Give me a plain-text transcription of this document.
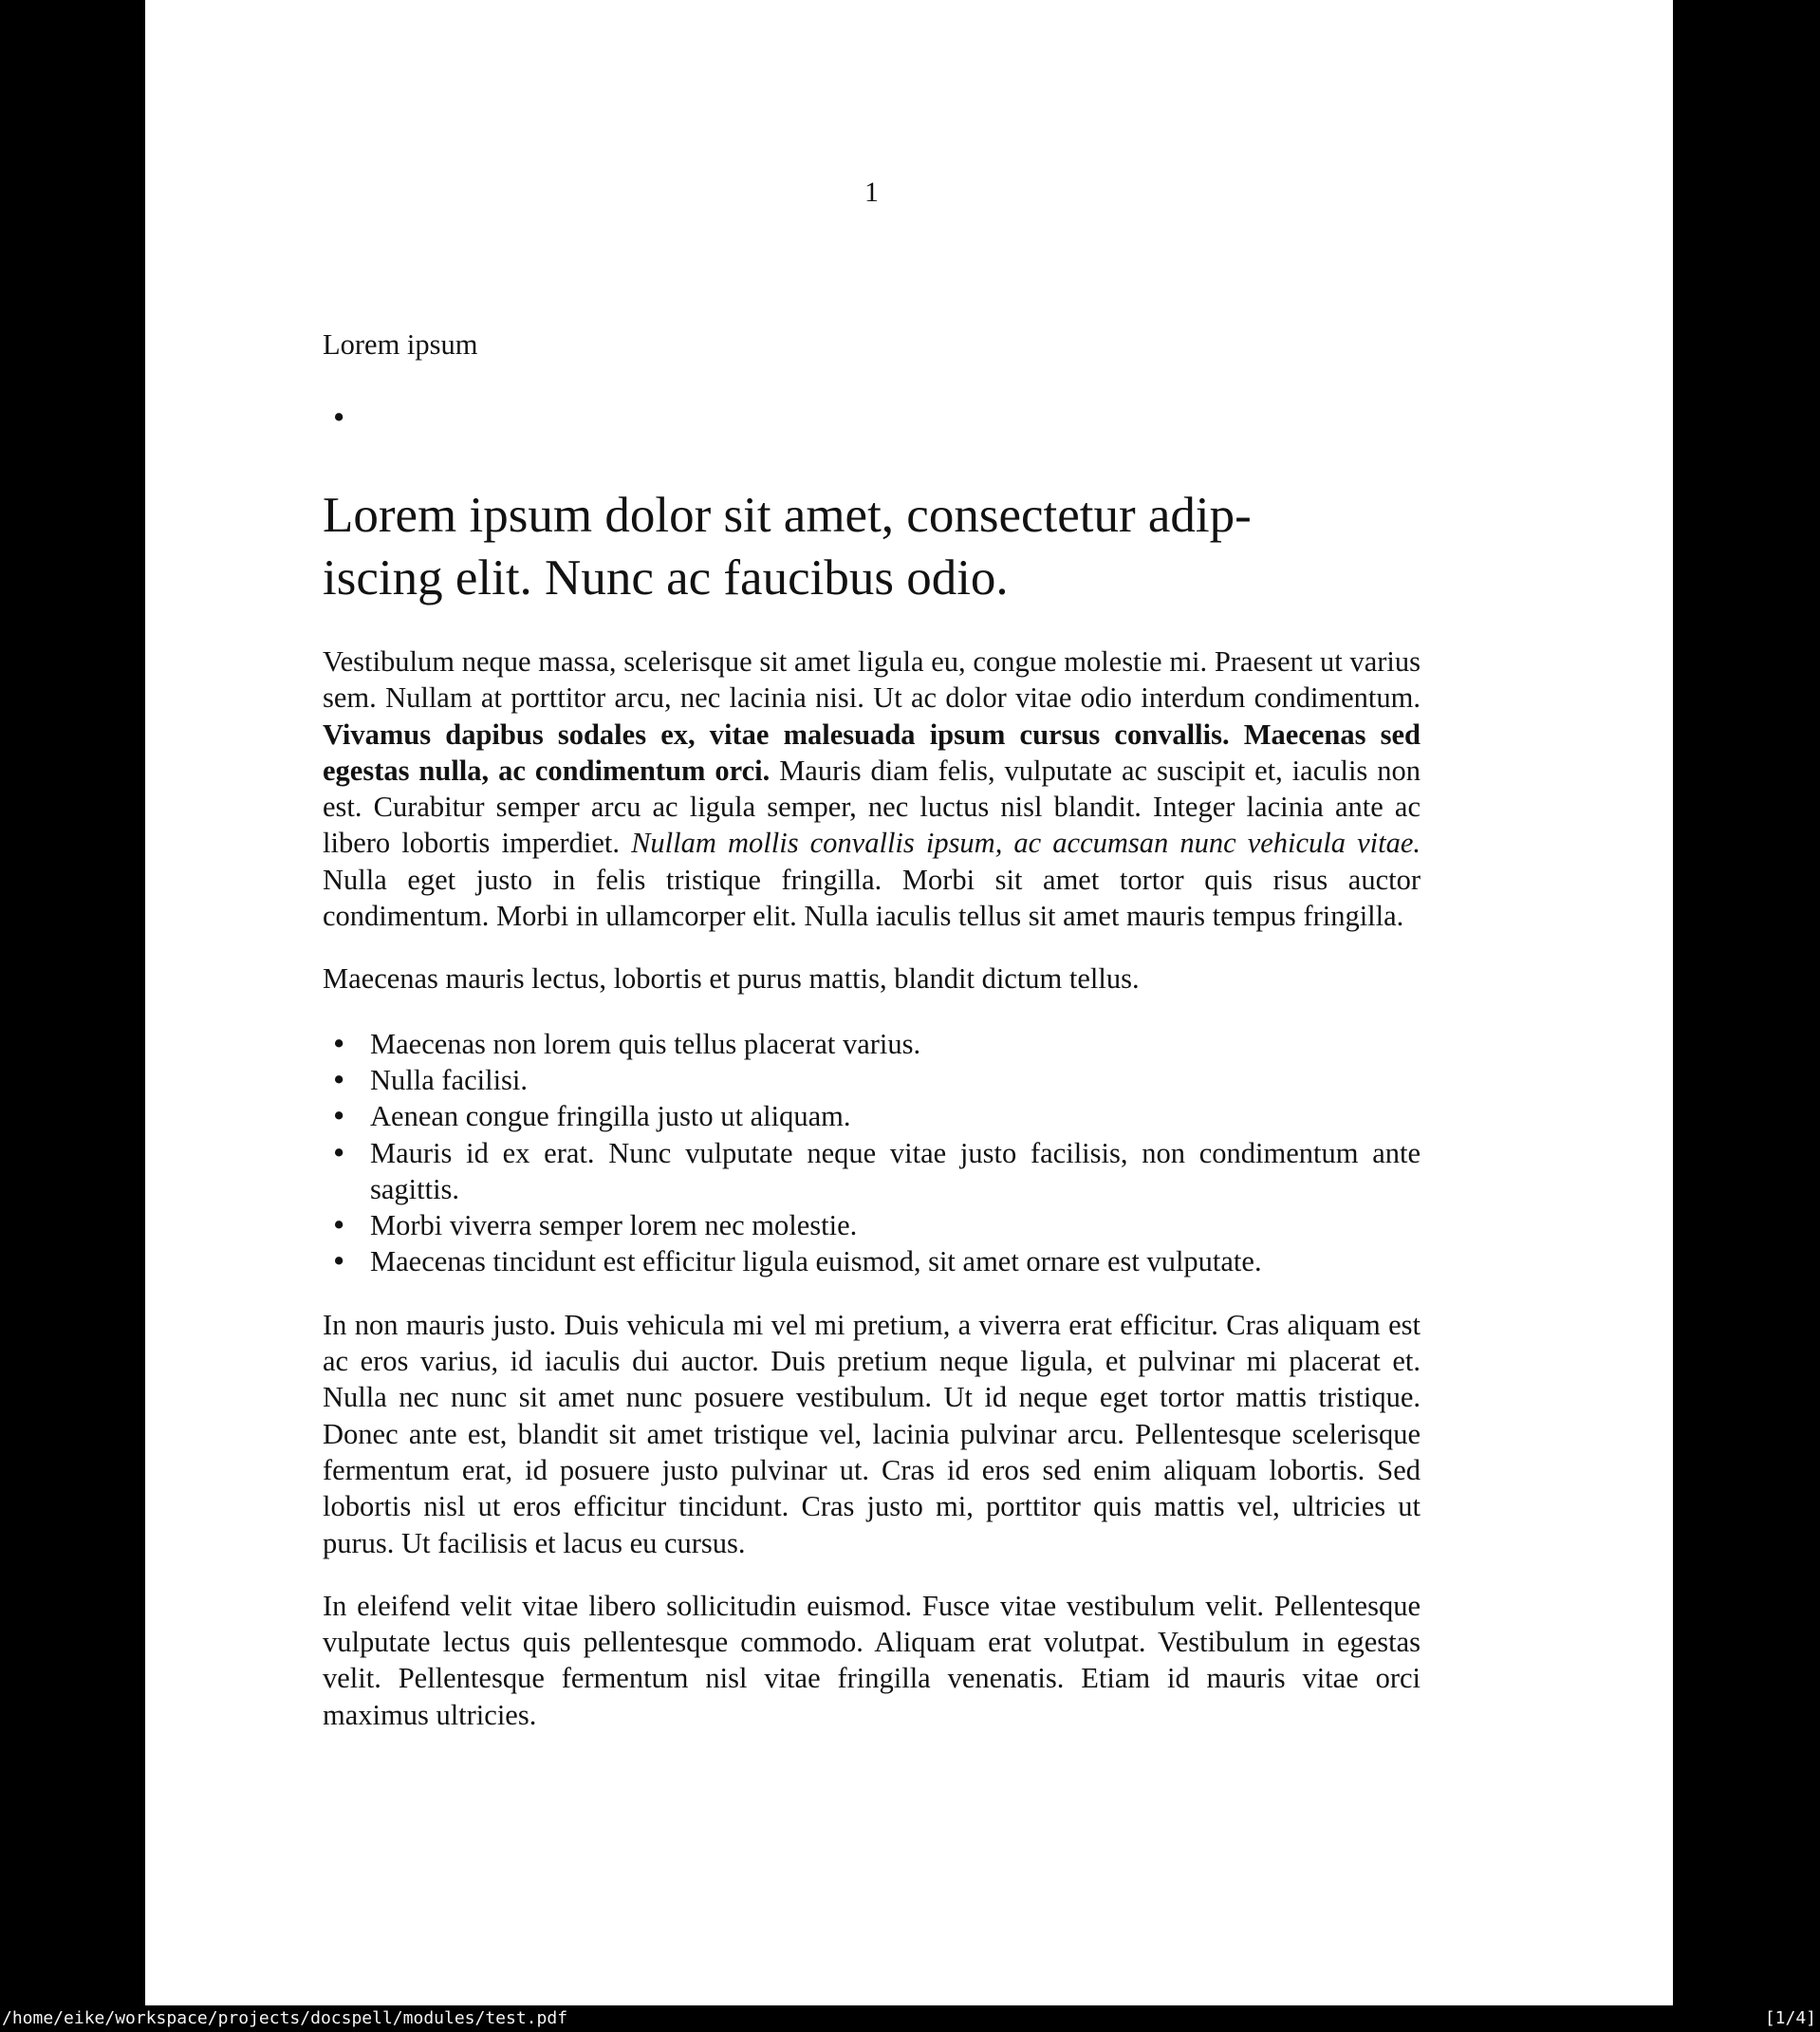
1
Lorem ipsum
•
Lorem ipsum dolor sit amet, consectetur adip-
iscing elit. Nunc ac faucibus odio.

Vestibulum neque massa, scelerisque sit amet ligula eu, congue molestie mi. Praesent ut varius sem. Nullam at porttitor arcu, nec lacinia nisi. Ut ac dolor vitae odio interdum condimentum. Vivamus dapibus sodales ex, vitae malesuada ipsum cursus convallis. Maecenas sed egestas nulla, ac condimentum orci. Mauris diam felis, vulputate ac suscipit et, iaculis non est. Curabitur semper arcu ac ligula semper, nec luctus nisl blandit. Integer lacinia ante ac libero lobortis imperdiet. Nullam mollis convallis ipsum, ac accumsan nunc vehicula vitae. Nulla eget justo in felis tristique fringilla. Morbi sit amet tortor quis risus auctor condimentum. Morbi in ullamcorper elit. Nulla iaculis tellus sit amet mauris tempus fringilla.

Maecenas mauris lectus, lobortis et purus mattis, blandit dictum tellus.

• Maecenas non lorem quis tellus placerat varius.
• Nulla facilisi.
• Aenean congue fringilla justo ut aliquam.
• Mauris id ex erat. Nunc vulputate neque vitae justo facilisis, non condimentum ante sagittis.
• Morbi viverra semper lorem nec molestie.
• Maecenas tincidunt est efficitur ligula euismod, sit amet ornare est vulputate.

In non mauris justo. Duis vehicula mi vel mi pretium, a viverra erat efficitur. Cras aliquam est ac eros varius, id iaculis dui auctor. Duis pretium neque ligula, et pulvinar mi placerat et. Nulla nec nunc sit amet nunc posuere vestibulum. Ut id neque eget tortor mattis tristique. Donec ante est, blandit sit amet tristique vel, lacinia pulvinar arcu. Pellentesque scelerisque fermentum erat, id posuere justo pulvinar ut. Cras id eros sed enim aliquam lobortis. Sed lobortis nisl ut eros efficitur tincidunt. Cras justo mi, porttitor quis mattis vel, ultricies ut purus. Ut facilisis et lacus eu cursus.

In eleifend velit vitae libero sollicitudin euismod. Fusce vitae vestibulum velit. Pellentesque vulputate lectus quis pellentesque commodo. Aliquam erat volutpat. Vestibulum in egestas velit. Pellentesque fermentum nisl vitae fringilla venenatis. Etiam id mauris vitae orci maximus ultricies.

/home/eike/workspace/projects/docspell/modules/test.pdf	[1/4]
